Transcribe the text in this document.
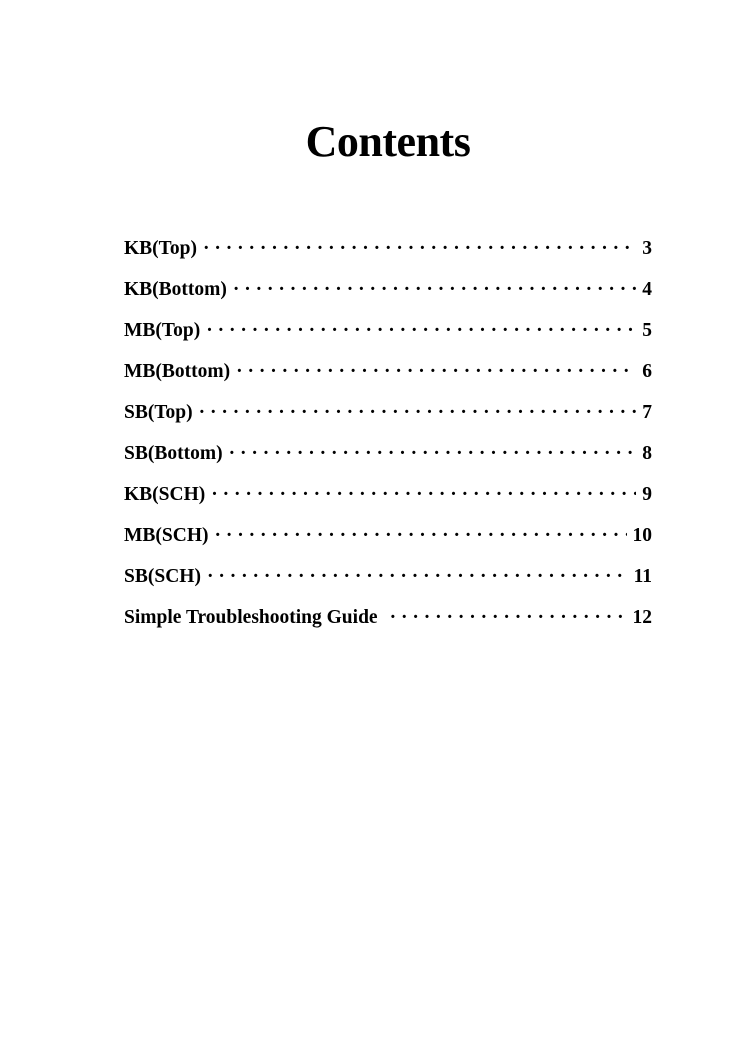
Contents
KB(Top) · · ·	3
KB(Bottom) · · ·	4
MB(Top) · · ·	5
MB(Bottom) · · ·	6
SB(Top) · · ·	7
SB(Bottom) · · ·	8
KB(SCH) · · ·	9
MB(SCH) · · ·	10
SB(SCH) · · ·	11
Simple Troubleshooting Guide · · ·	12
